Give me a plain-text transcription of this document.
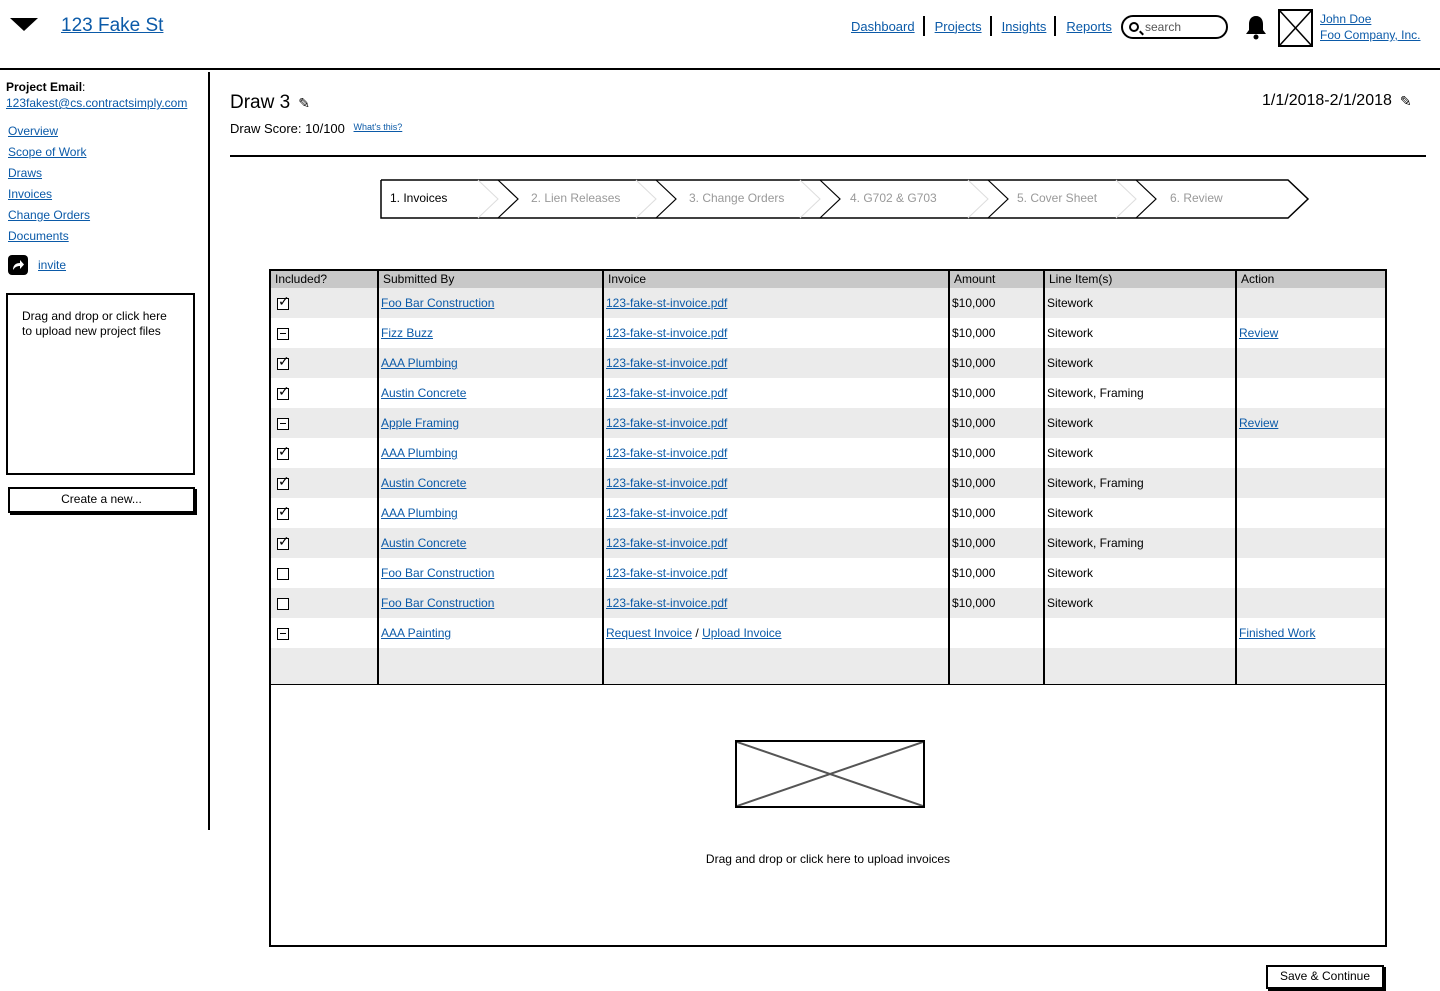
123 Fake St	Dashboard	Projects	Insights	Reports	search
John Doe
Foo Company, Inc.
Project Email:
123fakest@cs.contractsimply.com
Overview
Scope of Work
Draws
Invoices
Change Orders
Documents
invite
Drag and drop or click here to upload new project files
Create a new...
Draw 3 ✎
Draw Score: 10/100 $^{What's this?}$
1/1/2018-2/1/2018 ✎
1. Invoices	2. Lien Releases	3. Change Orders	4. G702 & G703	5. Cover Sheet	6. Review
Included?	Submitted By	Invoice	Amount	Line Item(s)	Action
✓	Foo Bar Construction	123-fake-st-invoice.pdf	$10,000	Sitework	
	Fizz Buzz	123-fake-st-invoice.pdf	$10,000	Sitework	Review
✓	AAA Plumbing	123-fake-st-invoice.pdf	$10,000	Sitework	
✓	Austin Concrete	123-fake-st-invoice.pdf	$10,000	Sitework, Framing	
	Apple Framing	123-fake-st-invoice.pdf	$10,000	Sitework	Review
✓	AAA Plumbing	123-fake-st-invoice.pdf	$10,000	Sitework	
✓	Austin Concrete	123-fake-st-invoice.pdf	$10,000	Sitework, Framing	
✓	AAA Plumbing	123-fake-st-invoice.pdf	$10,000	Sitework	
✓	Austin Concrete	123-fake-st-invoice.pdf	$10,000	Sitework, Framing	
	Foo Bar Construction	123-fake-st-invoice.pdf	$10,000	Sitework	
	Foo Bar Construction	123-fake-st-invoice.pdf	$10,000	Sitework	
	AAA Painting	Request Invoice / Upload Invoice			Finished Work

Drag and drop or click here to upload invoices
Save & Continue
